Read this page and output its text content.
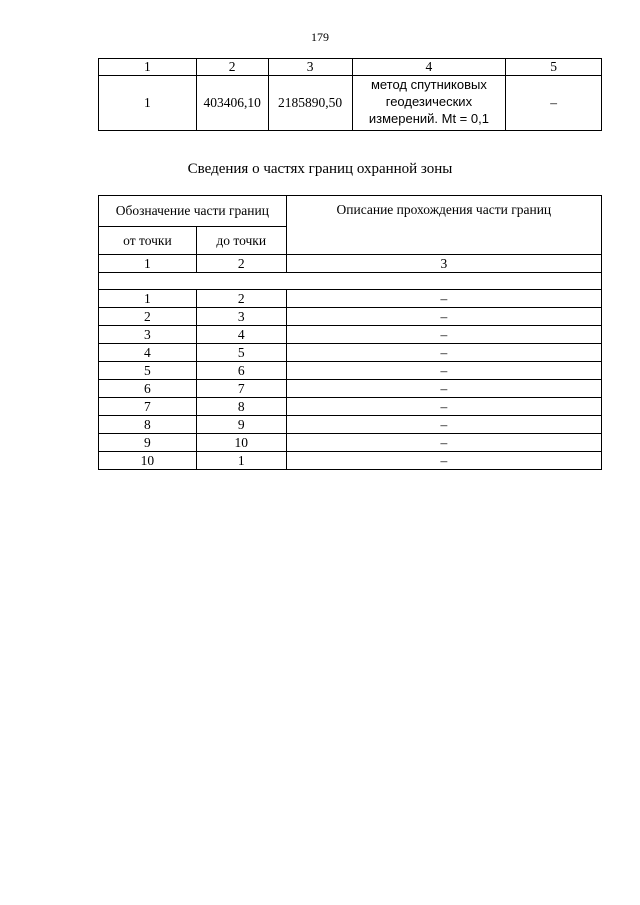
179
1	2	3	4	5
1	403406,10	2185890,50	метод спутниковых
геодезических
измерений. Mt = 0,1	–
Сведения о частях границ охранной зоны
Обозначение части границ		Описание прохождения части границ
от точки	до точки	
1	2	3

1	2	–
2	3	–
3	4	–
4	5	–
5	6	–
6	7	–
7	8	–
8	9	–
9	10	–
10	1	–
